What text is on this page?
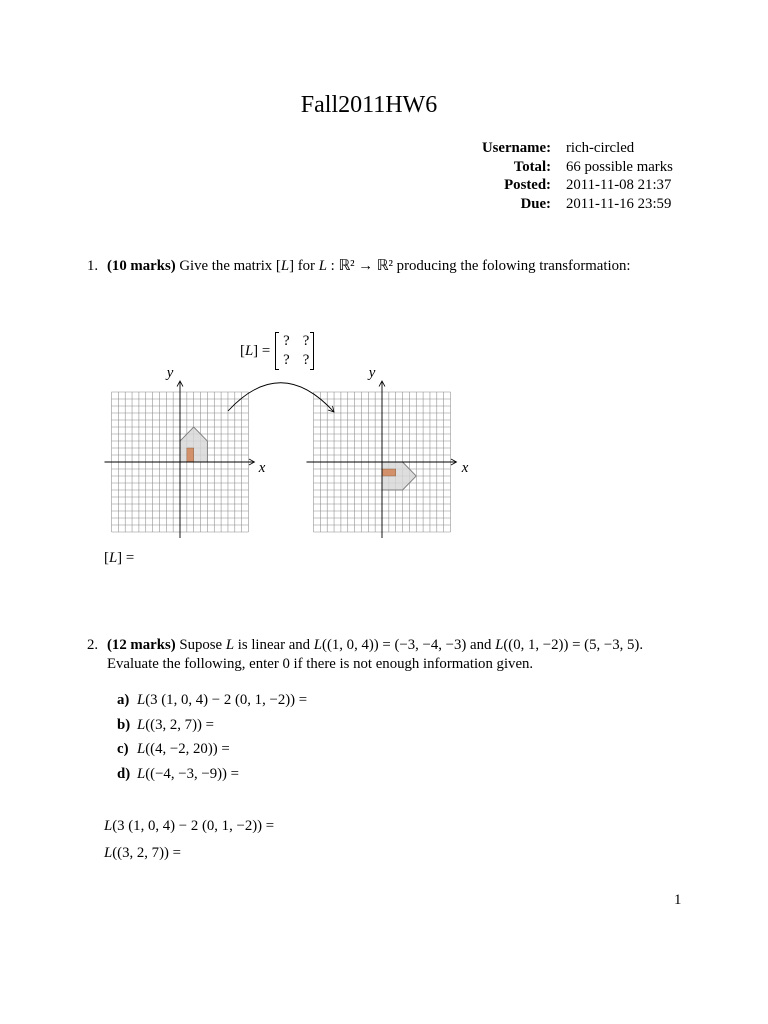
Fall2011HW6
Username: rich-circled
Total: 66 possible marks
Posted: 2011-11-08 21:37
Due: 2011-11-16 23:59
1. (10 marks) Give the matrix [L] for L : ℝ² → ℝ² producing the folowing transformation:
[L] =
? ?
? ?
y
x
y
x
[L] =
2. (12 marks) Supose L is linear and L((1, 0, 4)) = (−3, −4, −3) and L((0, 1, −2)) = (5, −3, 5).
Evaluate the following, enter 0 if there is not enough information given.
a) L(3 (1, 0, 4) − 2 (0, 1, −2)) =
b) L((3, 2, 7)) =
c) L((4, −2, 20)) =
d) L((−4, −3, −9)) =
L(3 (1, 0, 4) − 2 (0, 1, −2)) =
L((3, 2, 7)) =
1
